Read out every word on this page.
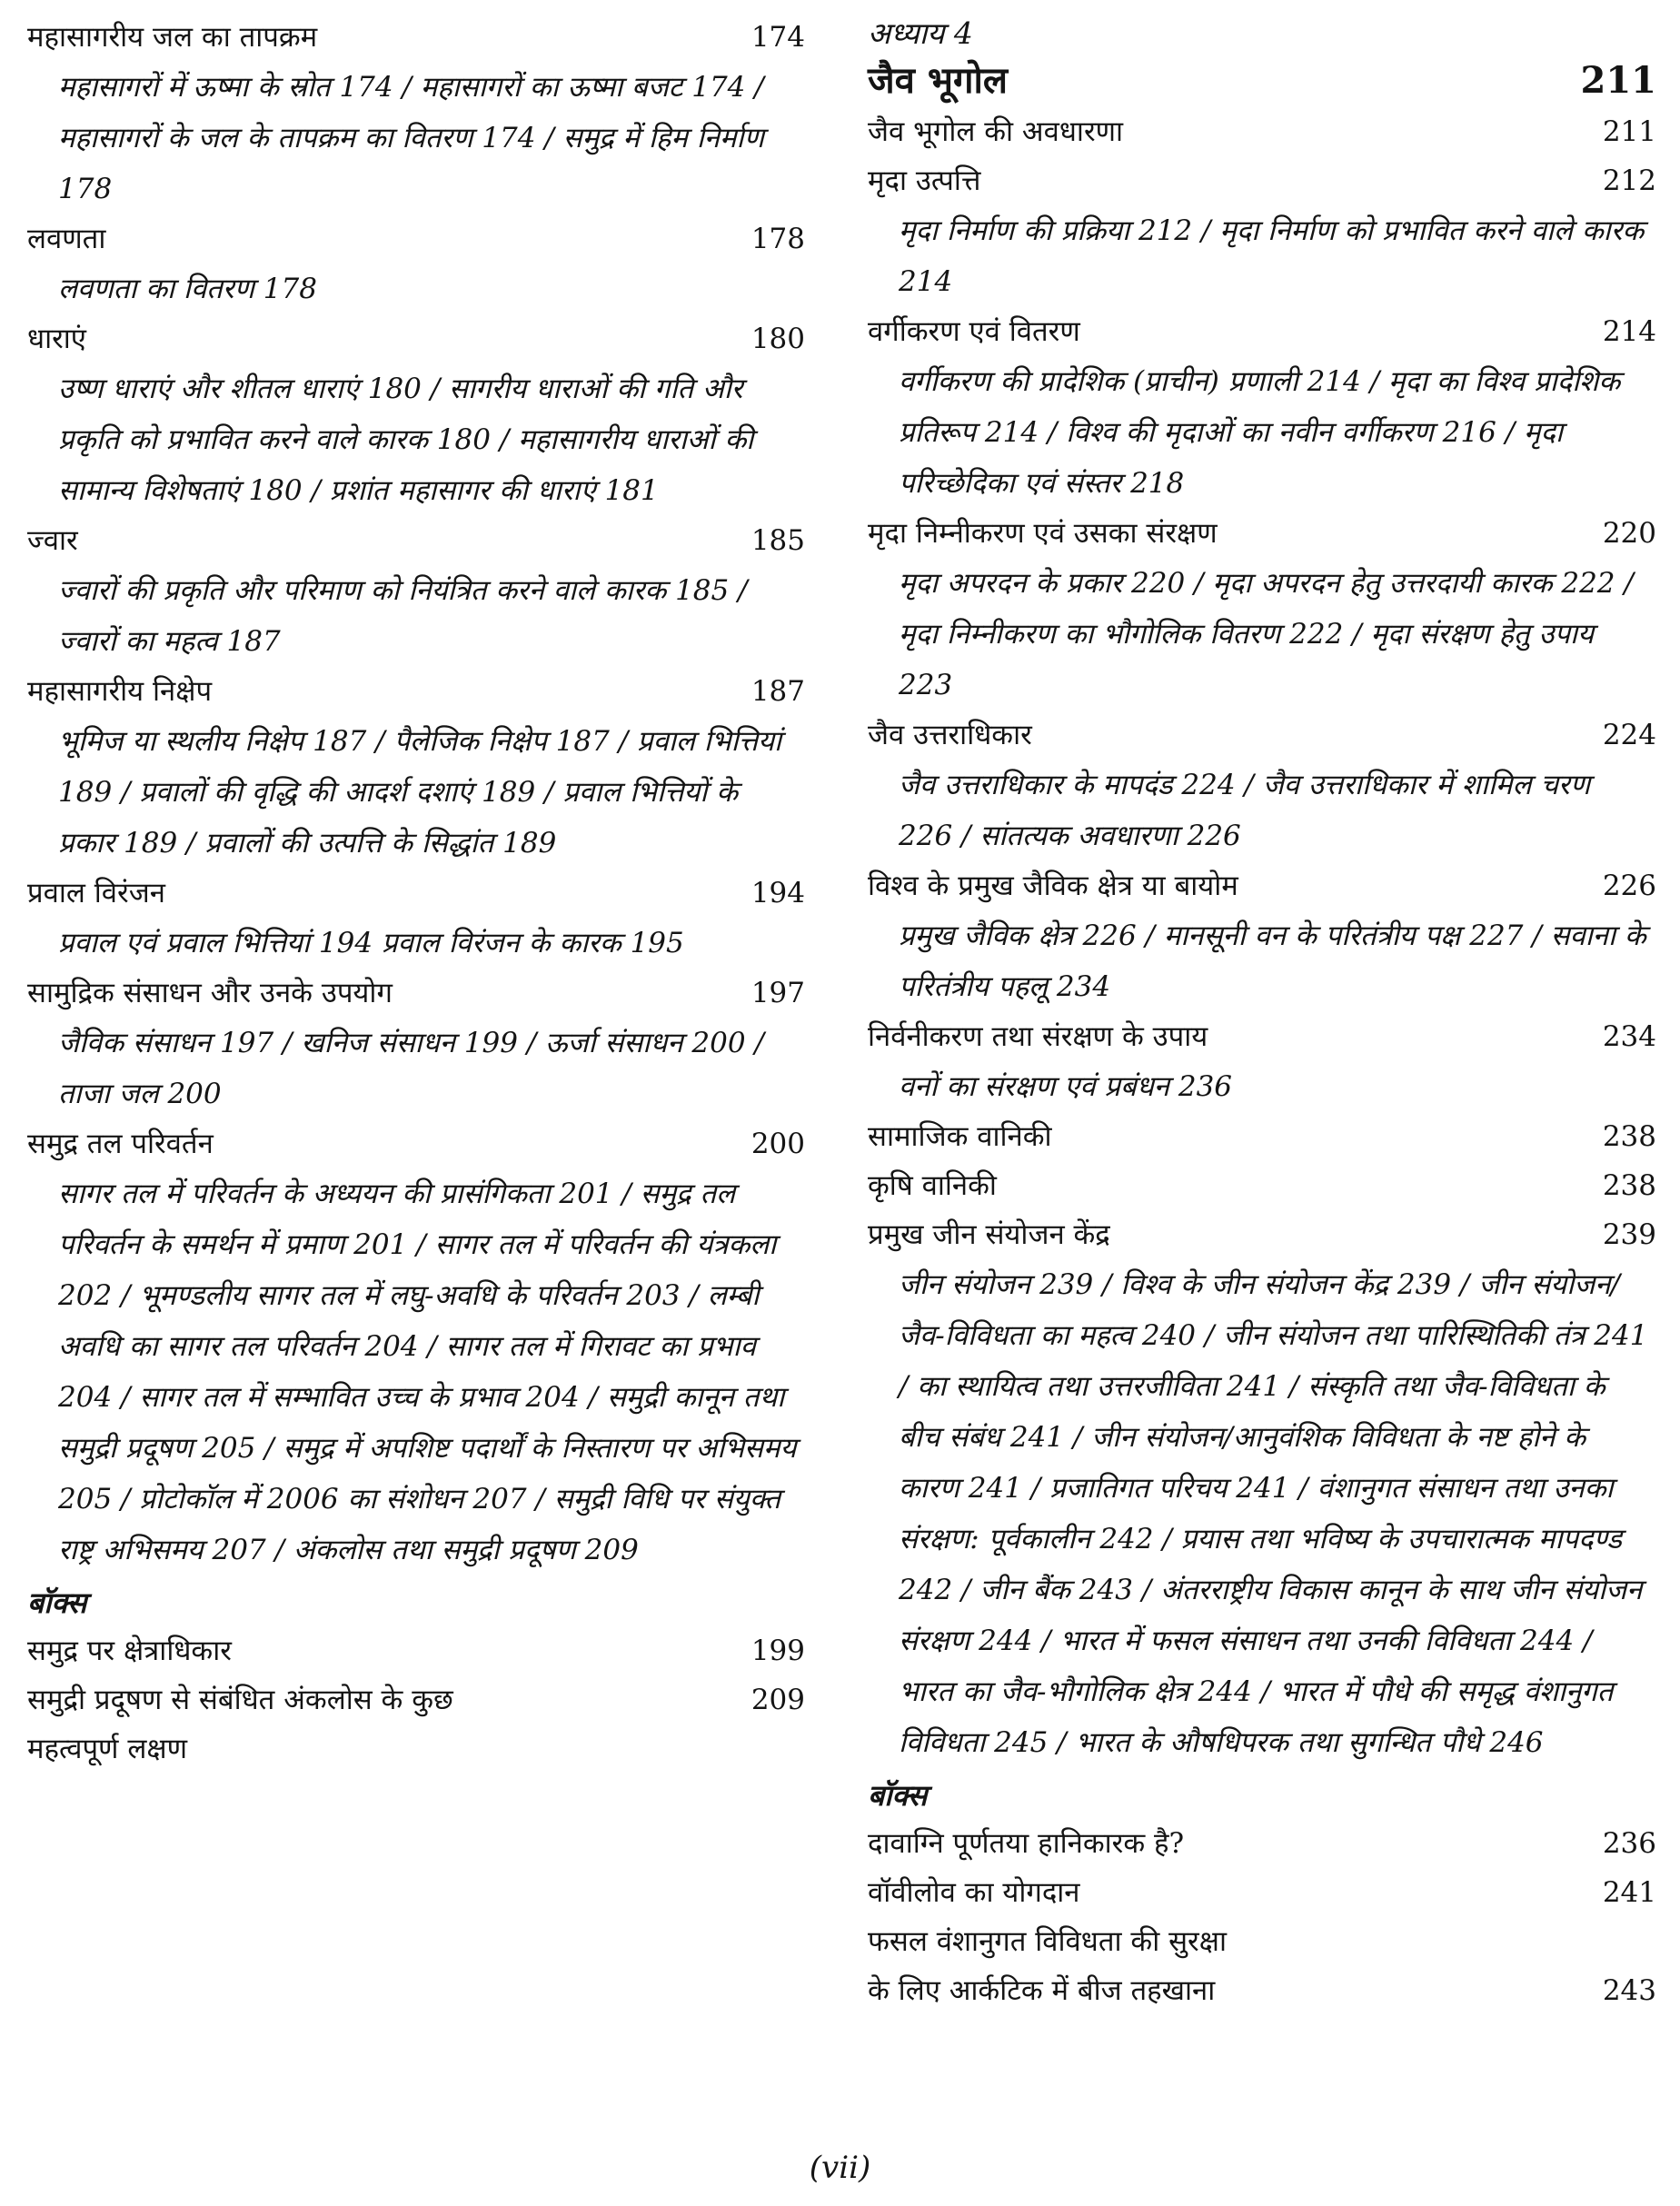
महासागरीय जल का तापक्रम	174
महासागरों में ऊष्मा के स्रोत 174 / महासागरों का ऊष्मा बजट 174 / महासागरों के जल के तापक्रम का वितरण 174 / समुद्र में हिम निर्माण 178
लवणता	178
लवणता का वितरण 178
धाराएं	180
उष्ण धाराएं और शीतल धाराएं 180 / सागरीय धाराओं की गति और प्रकृति को प्रभावित करने वाले कारक 180 / महासागरीय धाराओं की सामान्य विशेषताएं 180 / प्रशांत महासागर की धाराएं 181
ज्वार	185
ज्वारों की प्रकृति और परिमाण को नियंत्रित करने वाले कारक 185 / ज्वारों का महत्व 187
महासागरीय निक्षेप	187
भूमिज या स्थलीय निक्षेप 187 / पैलेजिक निक्षेप 187 / प्रवाल भित्तियां 189 / प्रवालों की वृद्धि की आदर्श दशाएं 189 / प्रवाल भित्तियों के प्रकार 189 / प्रवालों की उत्पत्ति के सिद्धांत 189
प्रवाल विरंजन	194
प्रवाल एवं प्रवाल भित्तियां 194 प्रवाल विरंजन के कारक 195
सामुद्रिक संसाधन और उनके उपयोग	197
जैविक संसाधन 197 / खनिज संसाधन 199 / ऊर्जा संसाधन 200 / ताजा जल 200
समुद्र तल परिवर्तन	200
सागर तल में परिवर्तन के अध्ययन की प्रासंगिकता 201 / समुद्र तल परिवर्तन के समर्थन में प्रमाण 201 / सागर तल में परिवर्तन की यंत्रकला 202 / भूमण्डलीय सागर तल में लघु-अवधि के परिवर्तन 203 / लम्बी अवधि का सागर तल परिवर्तन 204 / सागर तल में गिरावट का प्रभाव 204 / सागर तल में सम्भावित उच्च के प्रभाव 204 / समुद्री कानून तथा समुद्री प्रदूषण 205 / समुद्र में अपशिष्ट पदार्थों के निस्तारण पर अभिसमय 205 / प्रोटोकॉल में 2006 का संशोधन 207 / समुद्री विधि पर संयुक्त राष्ट्र अभिसमय 207 / अंकलोस तथा समुद्री प्रदूषण 209
बॉक्स
समुद्र पर क्षेत्राधिकार	199
समुद्री प्रदूषण से संबंधित अंकलोस के कुछ	209
महत्वपूर्ण लक्षण
अध्याय 4
जैव भूगोल	211
जैव भूगोल की अवधारणा	211
मृदा उत्पत्ति	212
मृदा निर्माण की प्रक्रिया 212 / मृदा निर्माण को प्रभावित करने वाले कारक 214
वर्गीकरण एवं वितरण	214
वर्गीकरण की प्रादेशिक (प्राचीन) प्रणाली 214 / मृदा का विश्व प्रादेशिक प्रतिरूप 214 / विश्व की मृदाओं का नवीन वर्गीकरण 216 / मृदा परिच्छेदिका एवं संस्तर 218
मृदा निम्नीकरण एवं उसका संरक्षण	220
मृदा अपरदन के प्रकार 220 / मृदा अपरदन हेतु उत्तरदायी कारक 222 / मृदा निम्नीकरण का भौगोलिक वितरण 222 / मृदा संरक्षण हेतु उपाय 223
जैव उत्तराधिकार	224
जैव उत्तराधिकार के मापदंड 224 / जैव उत्तराधिकार में शामिल चरण 226 / सांतत्यक अवधारणा 226
विश्व के प्रमुख जैविक क्षेत्र या बायोम	226
प्रमुख जैविक क्षेत्र 226 / मानसूनी वन के परितंत्रीय पक्ष 227 / सवाना के परितंत्रीय पहलू 234
निर्वनीकरण तथा संरक्षण के उपाय	234
वनों का संरक्षण एवं प्रबंधन 236
सामाजिक वानिकी	238
कृषि वानिकी	238
प्रमुख जीन संयोजन केंद्र	239
जीन संयोजन 239 / विश्व के जीन संयोजन केंद्र 239 / जीन संयोजन/जैव-विविधता का महत्व 240 / जीन संयोजन तथा पारिस्थितिकी तंत्र 241 / का स्थायित्व तथा उत्तरजीविता 241 / संस्कृति तथा जैव-विविधता के बीच संबंध 241 / जीन संयोजन/आनुवंशिक विविधता के नष्ट होने के कारण 241 / प्रजातिगत परिचय 241 / वंशानुगत संसाधन तथा उनका संरक्षण: पूर्वकालीन 242 / प्रयास तथा भविष्य के उपचारात्मक मापदण्ड 242 / जीन बैंक 243 / अंतरराष्ट्रीय विकास कानून के साथ जीन संयोजन संरक्षण 244 / भारत में फसल संसाधन तथा उनकी विविधता 244 / भारत का जैव-भौगोलिक क्षेत्र 244 / भारत में पौधे की समृद्ध वंशानुगत विविधता 245 / भारत के औषधिपरक तथा सुगन्धित पौधे 246
बॉक्स
दावाग्नि पूर्णतया हानिकारक है?	236
वॉवीलोव का योगदान	241
फसल वंशानुगत विविधता की सुरक्षा
के लिए आर्कटिक में बीज तहखाना	243
(vii)
